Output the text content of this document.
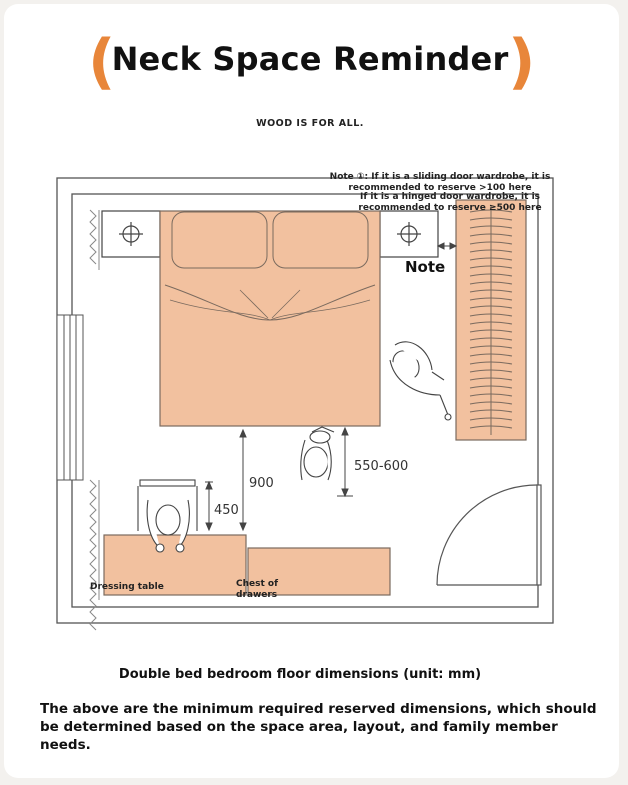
(	)
Neck Space Reminder
WOOD IS FOR ALL.
900
450
550-600
Dressing table	Chest of drawers
Note ①: If it is a sliding door wardrobe, it is recommended to reserve >100 here
If it is a hinged door wardrobe, it is recommended to reserve ≥500 here
Note
Double bed bedroom floor dimensions (unit: mm)
The above are the minimum required reserved dimensions, which should be determined based on the space area, layout, and family member needs.
